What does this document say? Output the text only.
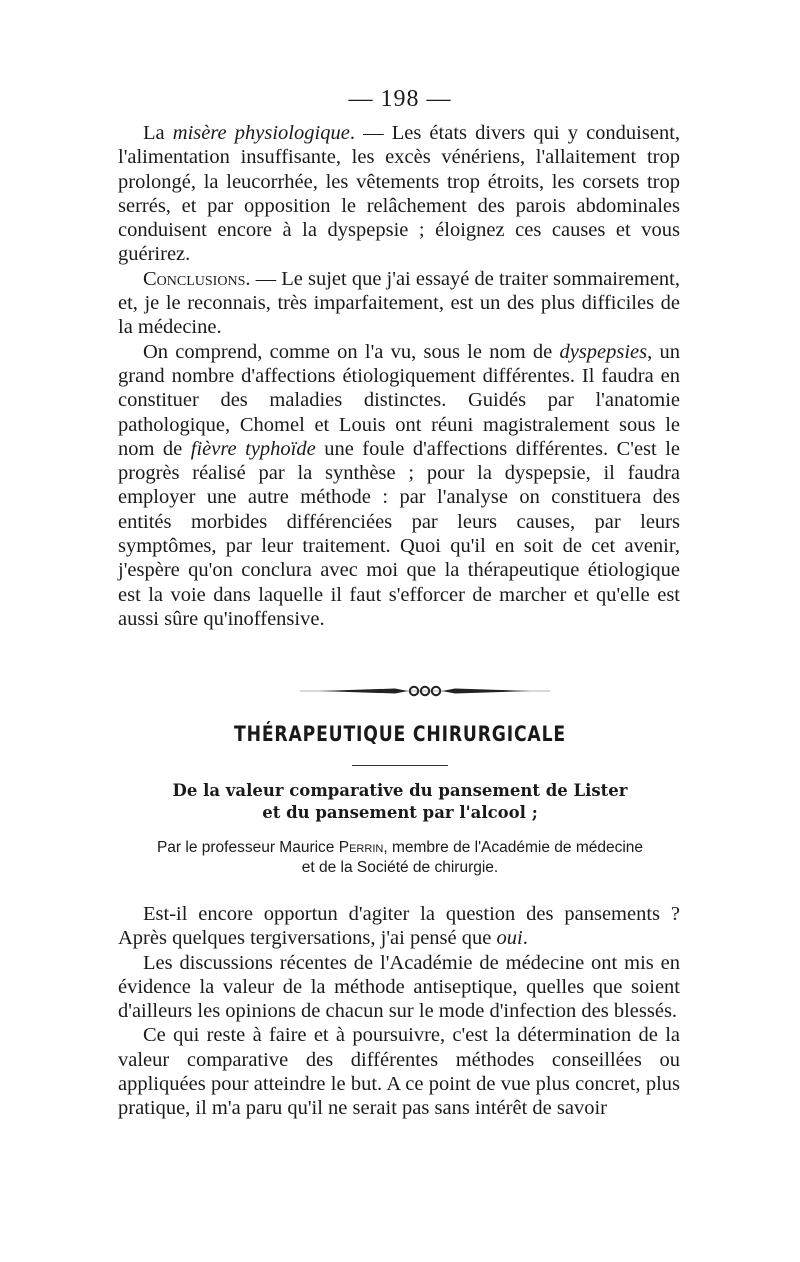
— 198 —

La misère physiologique. — Les états divers qui y conduisent, l'alimentation insuffisante, les excès vénériens, l'allaitement trop prolongé, la leucorrhée, les vêtements trop étroits, les corsets trop serrés, et par opposition le relâchement des parois abdominales conduisent encore à la dyspepsie ; éloignez ces causes et vous guérirez.

Conclusions. — Le sujet que j'ai essayé de traiter sommairement, et, je le reconnais, très imparfaitement, est un des plus difficiles de la médecine.

On comprend, comme on l'a vu, sous le nom de dyspepsies, un grand nombre d'affections étiologiquement différentes. Il faudra en constituer des maladies distinctes. Guidés par l'anatomie pathologique, Chomel et Louis ont réuni magistralement sous le nom de fièvre typhoïde une foule d'affections différentes. C'est le progrès réalisé par la synthèse ; pour la dyspepsie, il faudra employer une autre méthode : par l'analyse on constituera des entités morbides différenciées par leurs causes, par leurs symptômes, par leur traitement. Quoi qu'il en soit de cet avenir, j'espère qu'on conclura avec moi que la thérapeutique étiologique est la voie dans laquelle il faut s'efforcer de marcher et qu'elle est aussi sûre qu'inoffensive.

THÉRAPEUTIQUE CHIRURGICALE
De la valeur comparative du pansement de Lister
et du pansement par l'alcool ;
Par le professeur Maurice Perrin, membre de l'Académie de médecine
et de la Société de chirurgie.

Est-il encore opportun d'agiter la question des pansements ? Après quelques tergiversations, j'ai pensé que oui.

Les discussions récentes de l'Académie de médecine ont mis en évidence la valeur de la méthode antiseptique, quelles que soient d'ailleurs les opinions de chacun sur le mode d'infection des blessés.

Ce qui reste à faire et à poursuivre, c'est la détermination de la valeur comparative des différentes méthodes conseillées ou appliquées pour atteindre le but. A ce point de vue plus concret, plus pratique, il m'a paru qu'il ne serait pas sans intérêt de savoir
